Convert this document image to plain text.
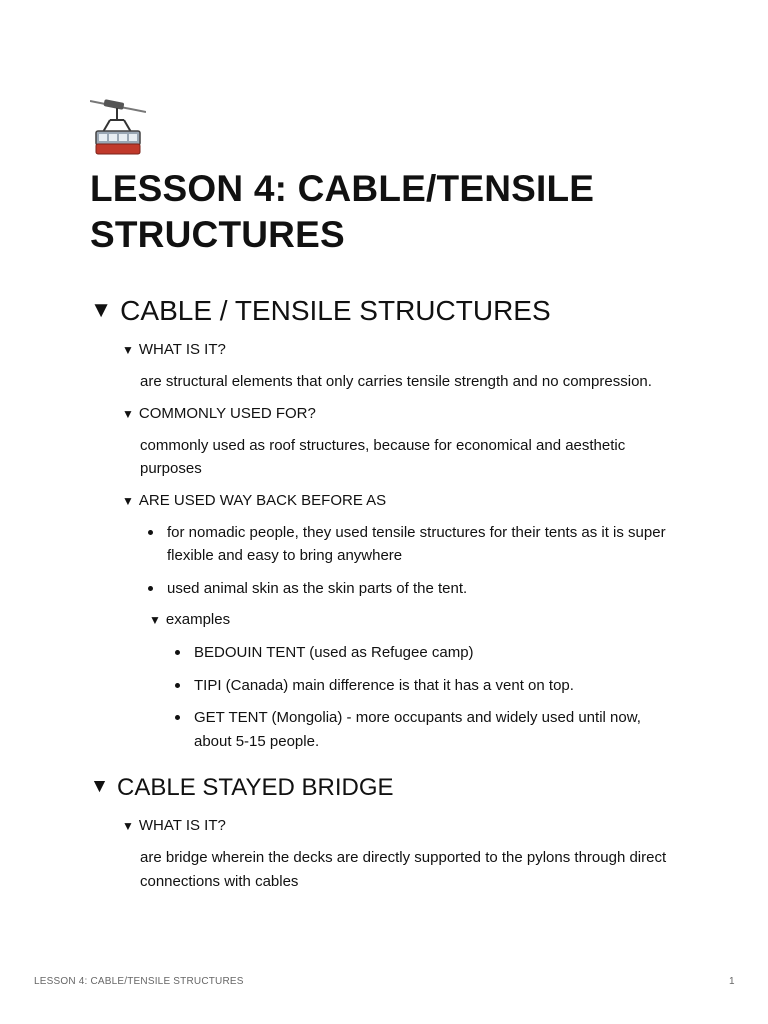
LESSON 4: CABLE/TENSILE STRUCTURES
▼ CABLE / TENSILE STRUCTURES
▼ WHAT IS IT?
are structural elements that only carries tensile strength and no compression.
▼ COMMONLY USED FOR?
commonly used as roof structures, because for economical and aesthetic purposes
▼ ARE USED WAY BACK BEFORE AS
for nomadic people, they used tensile structures for their tents as it is super flexible and easy to bring anywhere
used animal skin as the skin parts of the tent.
▼ examples
BEDOUIN TENT (used as Refugee camp)
TIPI (Canada) main difference is that it has a vent on top.
GET TENT (Mongolia) - more occupants and widely used until now, about 5-15 people.
▼ CABLE STAYED BRIDGE
▼ WHAT IS IT?
are bridge wherein the decks are directly supported to the pylons through direct connections with cables
LESSON 4: CABLE/TENSILE STRUCTURES	1
